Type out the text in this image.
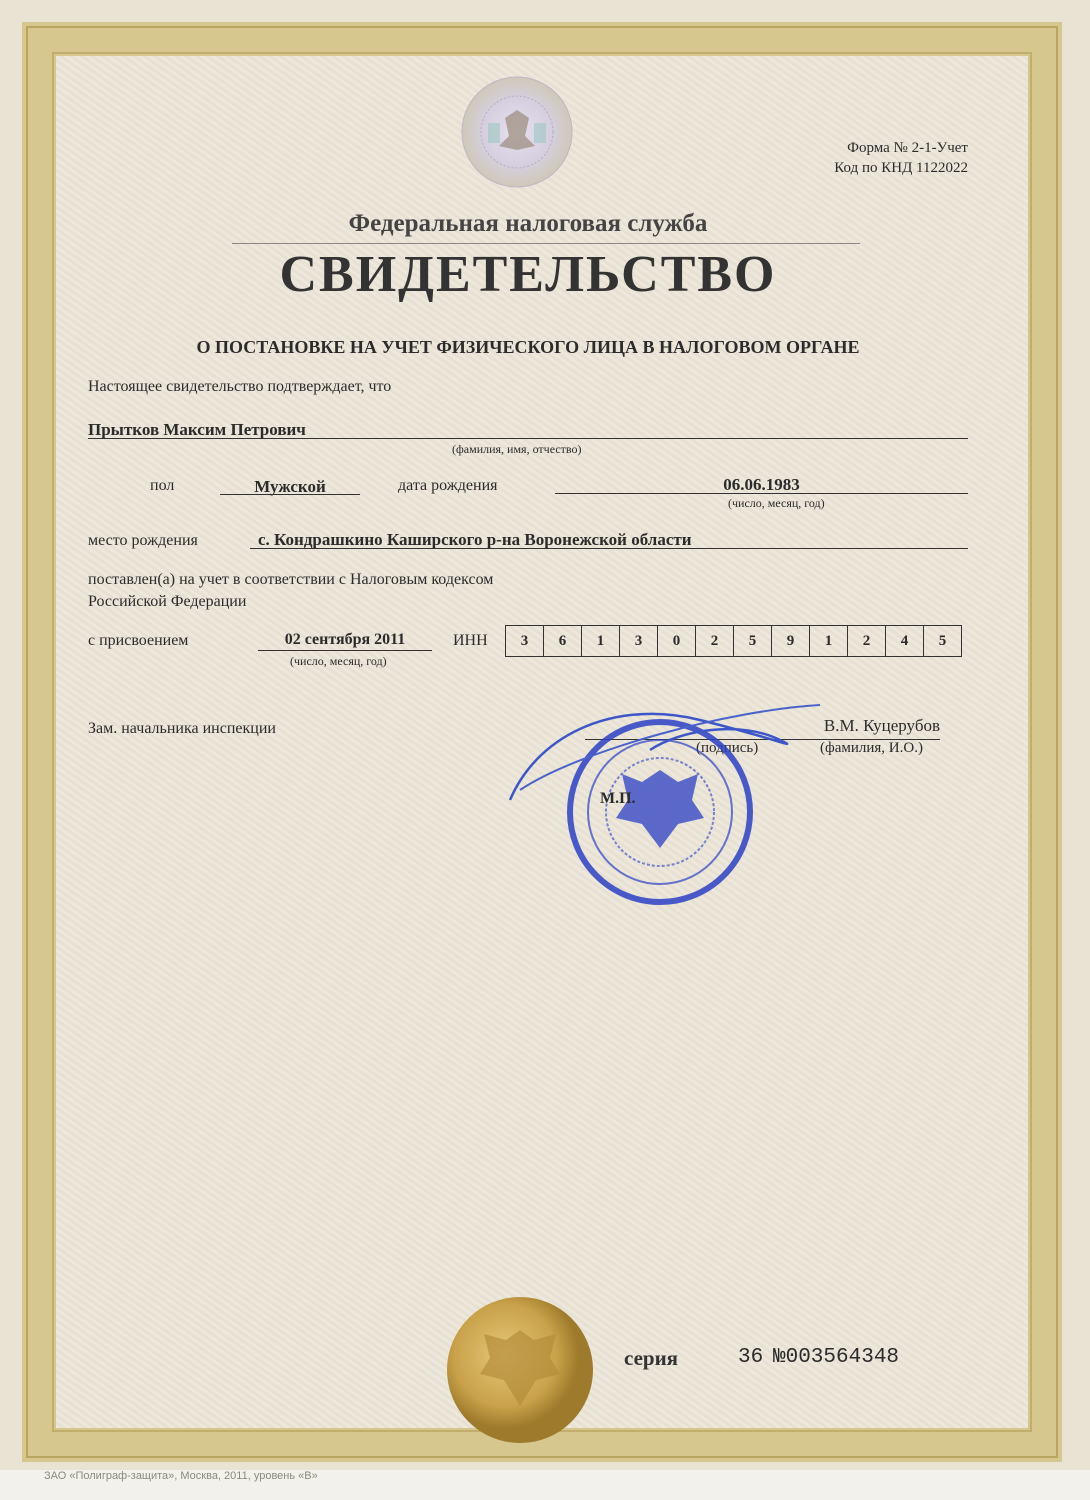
Форма № 2-1-Учет
Код по КНД 1122022
Федеральная налоговая служба
СВИДЕТЕЛЬСТВО
О ПОСТАНОВКЕ НА УЧЕТ ФИЗИЧЕСКОГО ЛИЦА В НАЛОГОВОМ ОРГАНЕ
Настоящее свидетельство подтверждает, что
Прытков Максим Петрович
(фамилия, имя, отчество)
пол	Мужской	дата рождения	06.06.1983
(число, месяц, год)
место рождения	с. Кондрашкино Каширского р-на Воронежской области
поставлен(а) на учет в соответствии с Налоговым кодексом
Российской Федерации
с присвоением	02 сентября 2011
(число, месяц, год)
ИНН	3	6	1	3	0	2	5	9	1	2	4	5
Зам. начальника инспекции	В.М. Куцерубов
(подпись)	(фамилия, И.О.)
М.П.
серия	36 №003564348
ЗАО «Полиграф-защита», Москва, 2011, уровень «В»
